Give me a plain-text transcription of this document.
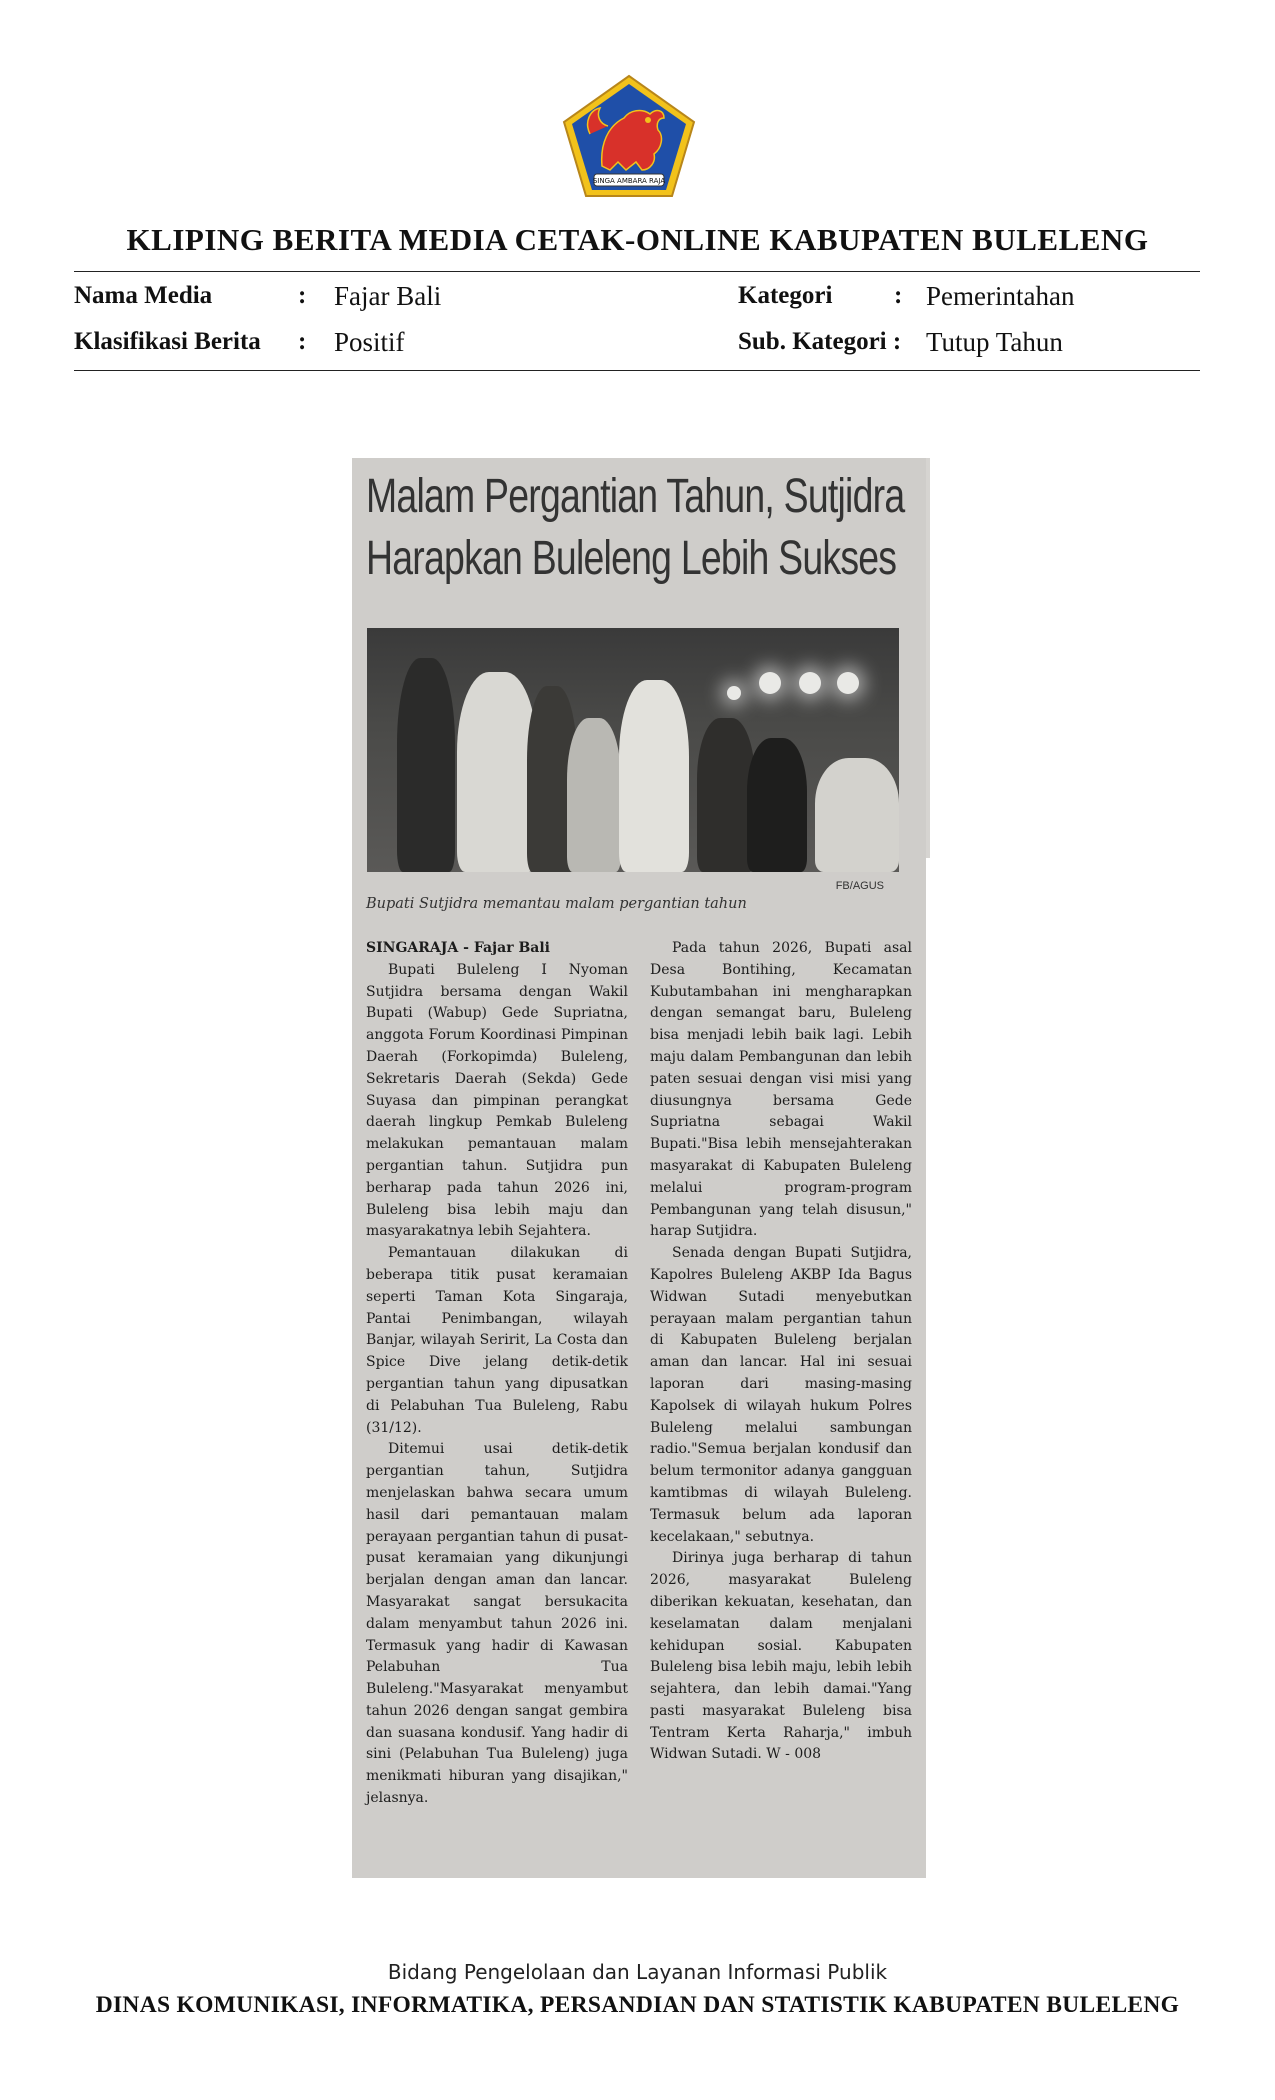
SINGA AMBARA RAJA
KLIPING BERITA MEDIA CETAK-ONLINE KABUPATEN BULELENG
Nama Media	: Fajar Bali	Kategori : Pemerintahan
Klasifikasi Berita : Positif	Sub. Kategori : Tutup Tahun

Malam Pergantian Tahun, Sutjidra
Harapkan Buleleng Lebih Sukses
FB/AGUS
Bupati Sutjidra memantau malam pergantian tahun
SINGARAJA - Fajar Bali

Bupati Buleleng I Nyoman Sutjidra bersama dengan Wakil Bupati (Wabup) Gede Supriatna, anggota Forum Koordinasi Pimpinan Daerah (Forkopimda) Buleleng, Sekretaris Daerah (Sekda) Gede Suyasa dan pimpinan perangkat daerah lingkup Pemkab Buleleng melakukan pemantauan malam pergantian tahun. Sutjidra pun berharap pada tahun 2026 ini, Buleleng bisa lebih maju dan masyarakatnya lebih Sejahtera.

Pemantauan dilakukan di beberapa titik pusat keramaian seperti Taman Kota Singaraja, Pantai Penimbangan, wilayah Banjar, wilayah Seririt, La Costa dan Spice Dive jelang detik-detik pergantian tahun yang dipusatkan di Pelabuhan Tua Buleleng, Rabu (31/12).

Ditemui usai detik-detik pergantian tahun, Sutjidra menjelaskan bahwa secara umum hasil dari pemantauan malam perayaan pergantian tahun di pusat-pusat keramaian yang dikunjungi berjalan dengan aman dan lancar. Masyarakat sangat bersukacita dalam menyambut tahun 2026 ini. Termasuk yang hadir di Kawasan Pelabuhan Tua Buleleng."Masyarakat menyambut tahun 2026 dengan sangat gembira dan suasana kondusif. Yang hadir di sini (Pelabuhan Tua Buleleng) juga menikmati hiburan yang disajikan," jelasnya.

Pada tahun 2026, Bupati asal Desa Bontihing, Kecamatan Kubutambahan ini mengharapkan dengan semangat baru, Buleleng bisa menjadi lebih baik lagi. Lebih maju dalam Pembangunan dan lebih paten sesuai dengan visi misi yang diusungnya bersama Gede Supriatna sebagai Wakil Bupati."Bisa lebih mensejahterakan masyarakat di Kabupaten Buleleng melalui program-program Pembangunan yang telah disusun," harap Sutjidra.

Senada dengan Bupati Sutjidra, Kapolres Buleleng AKBP Ida Bagus Widwan Sutadi menyebutkan perayaan malam pergantian tahun di Kabupaten Buleleng berjalan aman dan lancar. Hal ini sesuai laporan dari masing-masing Kapolsek di wilayah hukum Polres Buleleng melalui sambungan radio."Semua berjalan kondusif dan belum termonitor adanya gangguan kamtibmas di wilayah Buleleng. Termasuk belum ada laporan kecelakaan," sebutnya.

Dirinya juga berharap di tahun 2026, masyarakat Buleleng diberikan kekuatan, kesehatan, dan keselamatan dalam menjalani kehidupan sosial. Kabupaten Buleleng bisa lebih maju, lebih lebih sejahtera, dan lebih damai."Yang pasti masyarakat Buleleng bisa Tentram Kerta Raharja," imbuh Widwan Sutadi. W - 008

Bidang Pengelolaan dan Layanan Informasi Publik
DINAS KOMUNIKASI, INFORMATIKA, PERSANDIAN DAN STATISTIK KABUPATEN BULELENG
